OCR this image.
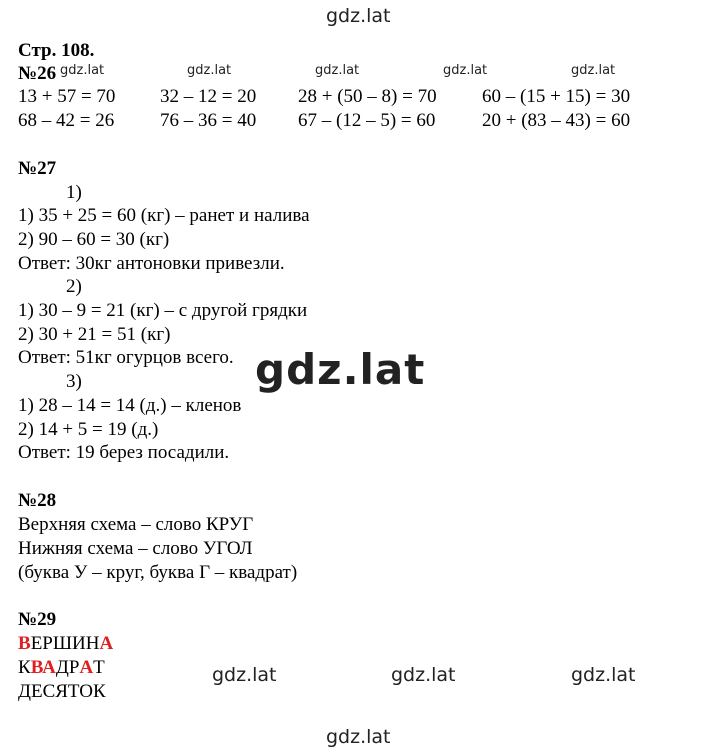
gdz.lat
gdz.lat	gdz.lat	gdz.lat	gdz.lat	gdz.lat
gdz.lat
gdz.lat	gdz.lat	gdz.lat
gdz.lat
Стр. 108.
№26
13 + 57 = 70 32 – 12 = 20 28 + (50 – 8) = 70 60 – (15 + 15) = 30
68 – 42 = 26 76 – 36 = 40 67 – (12 – 5) = 60 20 + (83 – 43) = 60
№27
1)
1) 35 + 25 = 60 (кг) – ранет и налива
2) 90 – 60 = 30 (кг)
Ответ: 30кг антоновки привезли.
2)
1) 30 – 9 = 21 (кг) – с другой грядки
2) 30 + 21 = 51 (кг)
Ответ: 51кг огурцов всего.
3)
1) 28 – 14 = 14 (д.) – кленов
2) 14 + 5 = 19 (д.)
Ответ: 19 берез посадили.
№28
Верхняя схема – слово КРУГ
Нижняя схема – слово УГОЛ
(буква У – круг, буква Г – квадрат)
№29
ВЕРШИНА
КВАДРАТ
ДЕСЯТОК
